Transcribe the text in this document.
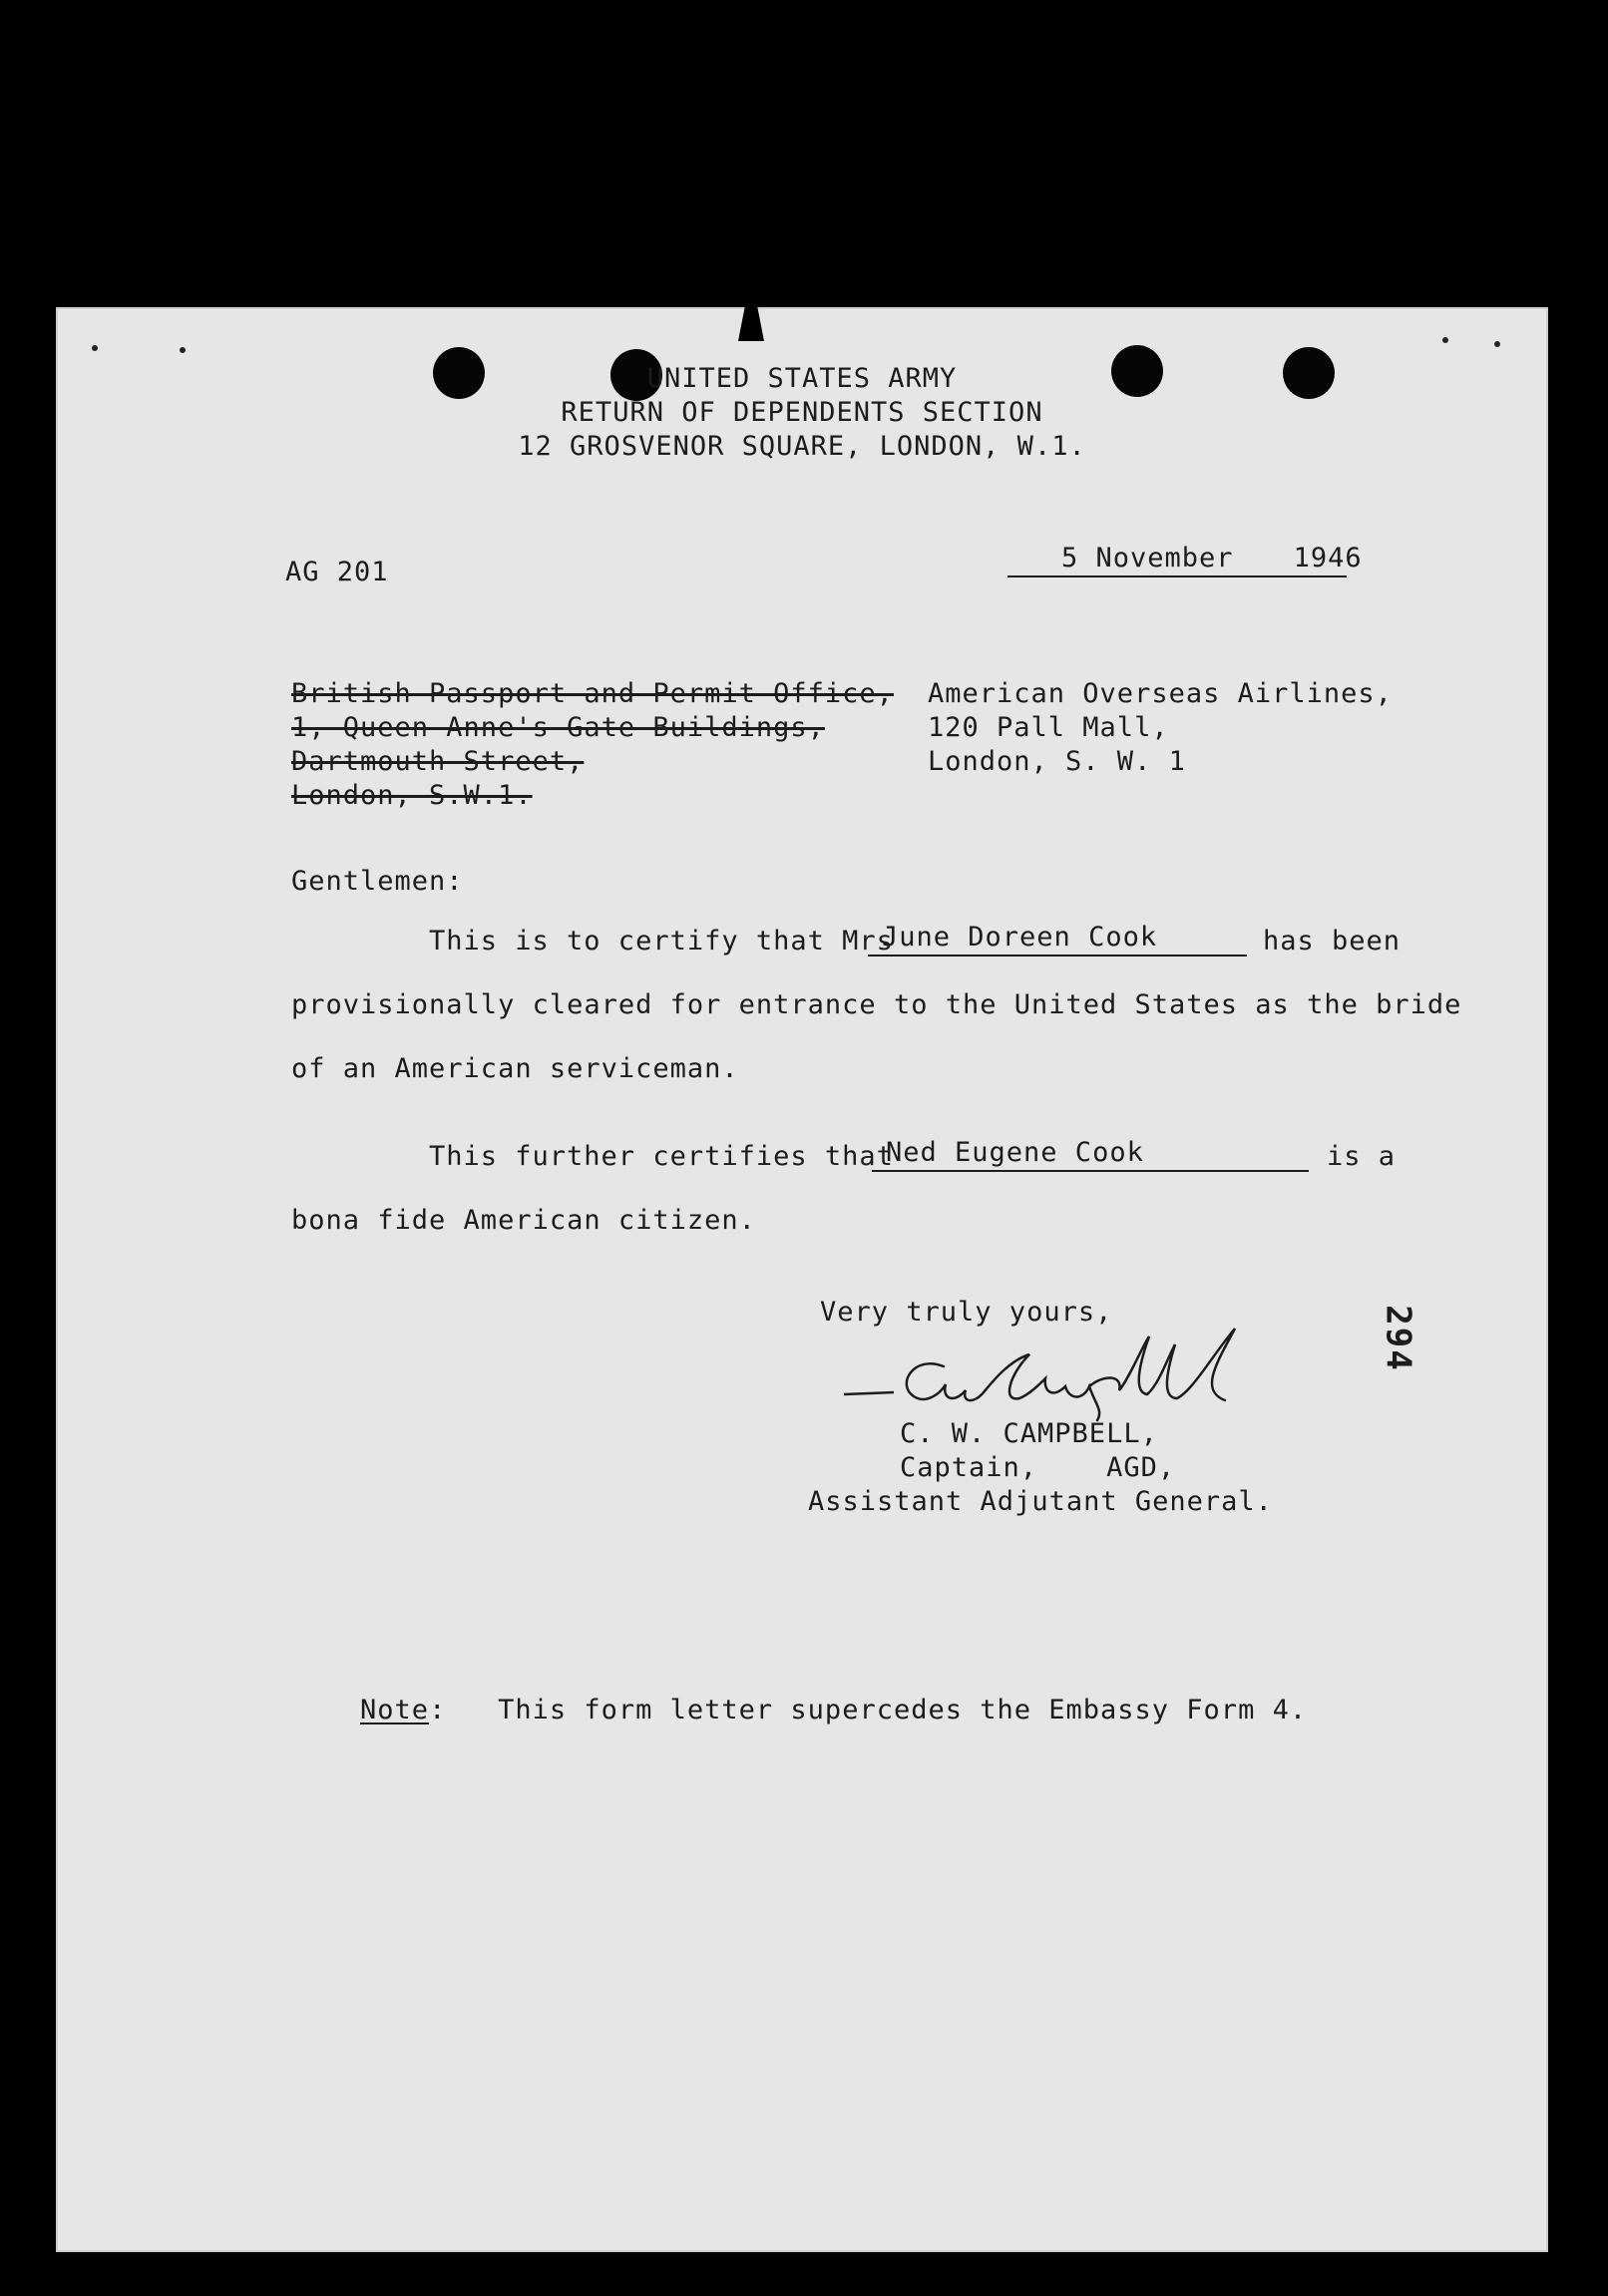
UNITED STATES ARMY
RETURN OF DEPENDENTS SECTION
12 GROSVENOR SQUARE, LONDON, W.1.
AG 201	5 November 1946
British Passport and Permit Office,
1, Queen Anne's Gate Buildings,
Dartmouth Street,
London, S.W.1.
American Overseas Airlines,
120 Pall Mall,
London, S. W. 1
Gentlemen:
This is to certify that Mrs
June Doreen Cook	has been
provisionally cleared for entrance to the United States as the bride
of an American serviceman.
This further certifies that
Ned Eugene Cook	is a
bona fide American citizen.
Very truly yours,
C. W. CAMPBELL,
Captain,    AGD,
Assistant Adjutant General.

Note:   This form letter supercedes the Embassy Form 4.

294
